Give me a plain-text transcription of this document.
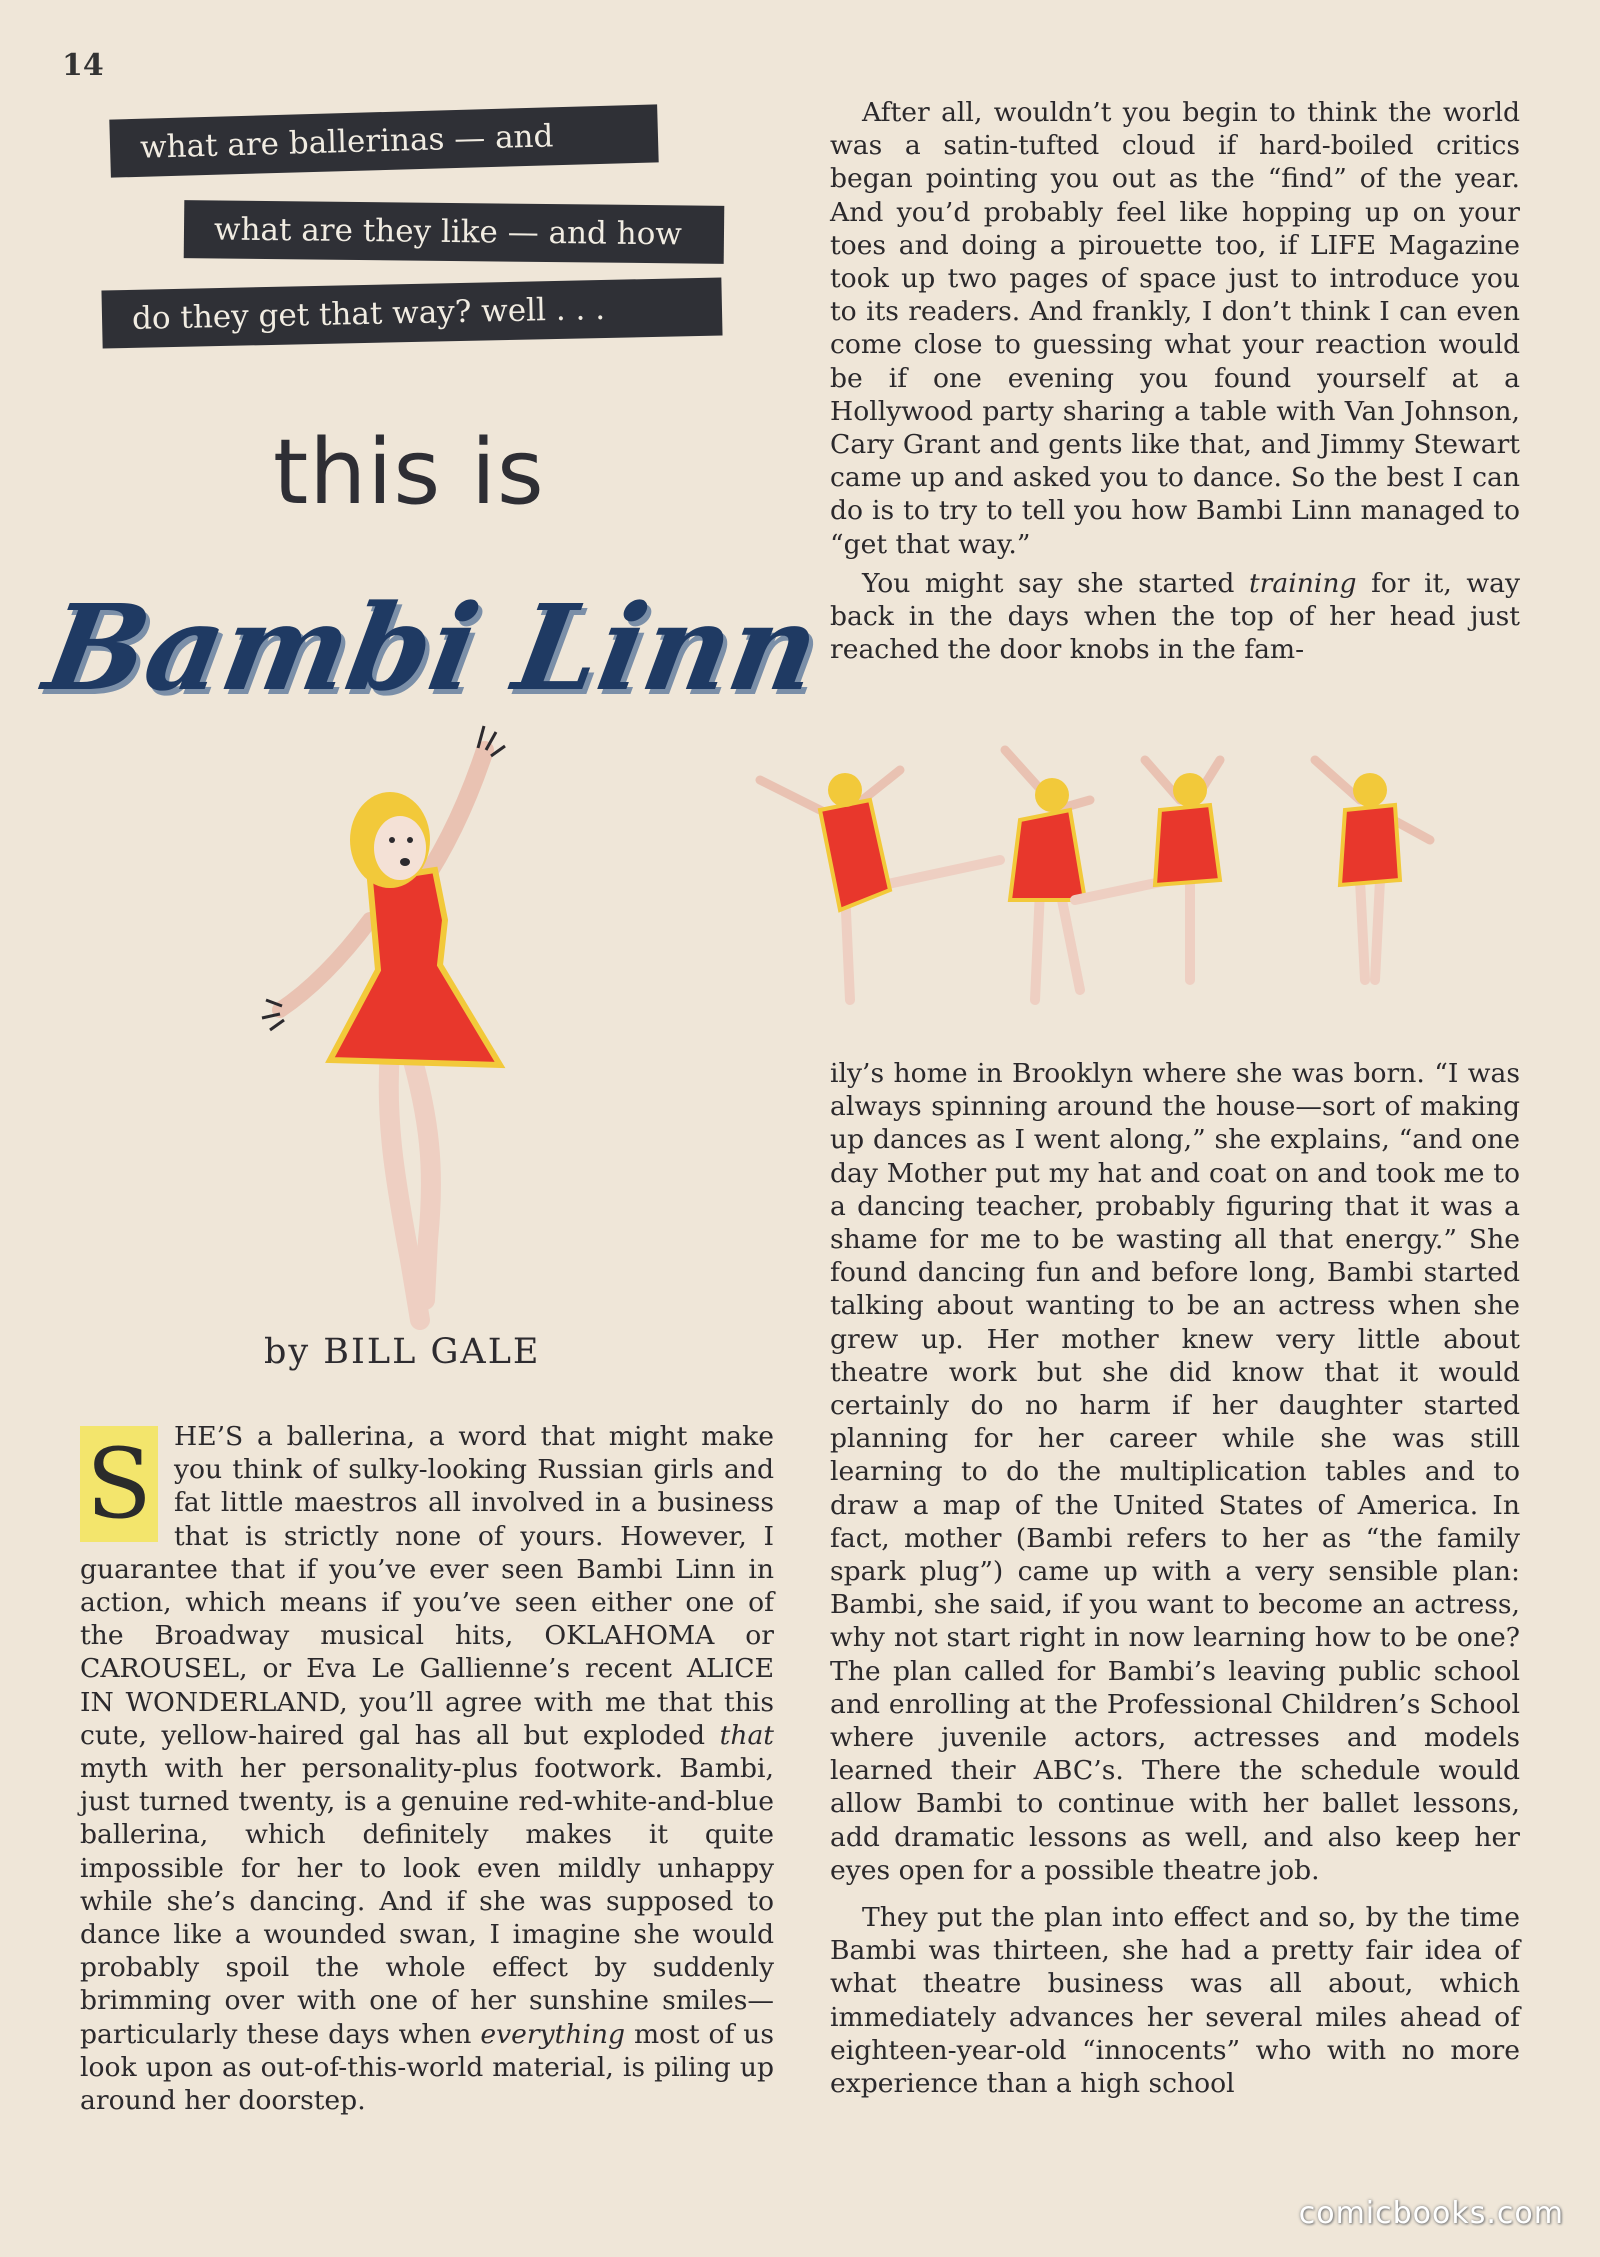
14
what are ballerinas — and
what are they like — and how
do they get that way? well . . .
this is
Bambi Linn
by BILL GALE

S HE’S a ballerina, a word that might make you think of sulky-looking Russian girls and fat little maestros all involved in a business that is strictly none of yours. However, I guarantee that if you’ve ever seen Bambi Linn in action, which means if you’ve seen either one of the Broadway musical hits, OKLAHOMA or CAROUSEL, or Eva Le Gallienne’s recent ALICE IN WONDERLAND, you’ll agree with me that this cute, yellow-haired gal has all but exploded that myth with her personality-plus footwork. Bambi, just turned twenty, is a genuine red-white-and-blue ballerina, which definitely makes it quite impossible for her to look even mildly unhappy while she’s dancing. And if she was supposed to dance like a wounded swan, I imagine she would probably spoil the whole effect by suddenly brimming over with one of her sunshine smiles—particularly these days when everything most of us look upon as out-of-this-world material, is piling up around her doorstep.

After all, wouldn’t you begin to think the world was a satin-tufted cloud if hard-boiled critics began pointing you out as the “find” of the year. And you’d probably feel like hopping up on your toes and doing a pirouette too, if LIFE Magazine took up two pages of space just to introduce you to its readers. And frankly, I don’t think I can even come close to guessing what your reaction would be if one evening you found yourself at a Hollywood party sharing a table with Van Johnson, Cary Grant and gents like that, and Jimmy Stewart came up and asked you to dance. So the best I can do is to try to tell you how Bambi Linn managed to “get that way.”

You might say she started training for it, way back in the days when the top of her head just reached the door knobs in the fam-

ily’s home in Brooklyn where she was born. “I was always spinning around the house—sort of making up dances as I went along,” she explains, “and one day Mother put my hat and coat on and took me to a dancing teacher, probably figuring that it was a shame for me to be wasting all that energy.” She found dancing fun and before long, Bambi started talking about wanting to be an actress when she grew up. Her mother knew very little about theatre work but she did know that it would certainly do no harm if her daughter started planning for her career while she was still learning to do the multiplication tables and to draw a map of the United States of America. In fact, mother (Bambi refers to her as “the family spark plug”) came up with a very sensible plan: Bambi, she said, if you want to become an actress, why not start right in now learning how to be one? The plan called for Bambi’s leaving public school and enrolling at the Professional Children’s School where juvenile actors, actresses and models learned their ABC’s. There the schedule would allow Bambi to continue with her ballet lessons, add dramatic lessons as well, and also keep her eyes open for a possible theatre job.

They put the plan into effect and so, by the time Bambi was thirteen, she had a pretty fair idea of what theatre business was all about, which immediately advances her several miles ahead of eighteen-year-old “innocents” who with no more experience than a high school

comicbooks.com
